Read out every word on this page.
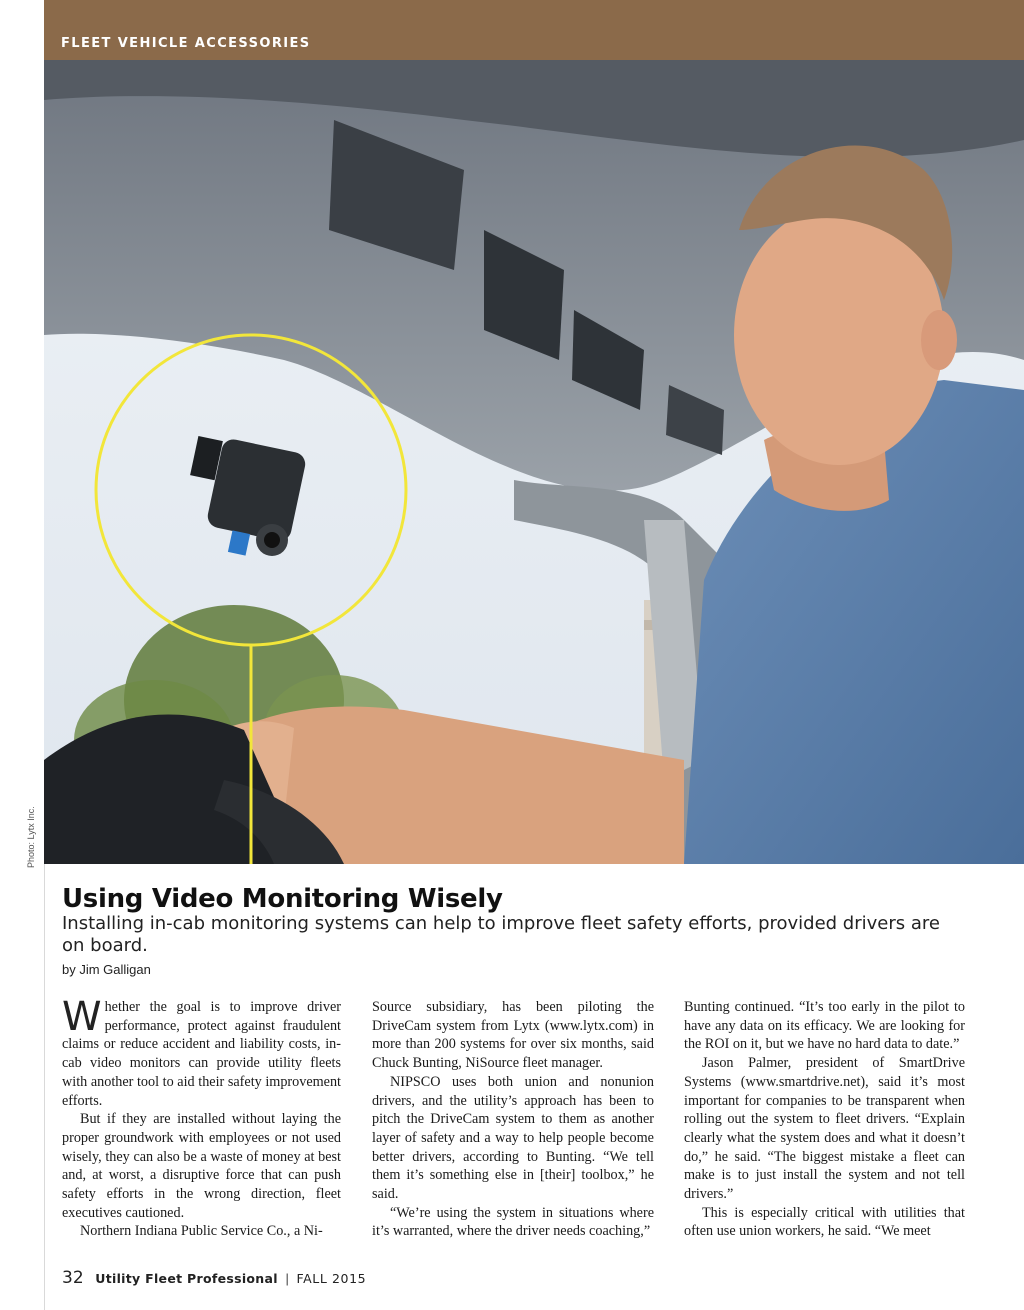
FLEET VEHICLE ACCESSORIES
Photo: Lytx Inc.
Using Video Monitoring Wisely
Installing in-cab monitoring systems can help to improve fleet safety efforts, provided drivers are on board.
by Jim Galligan

Whether the goal is to improve driver performance, protect against fraudulent claims or reduce accident and liability costs, in-cab video monitors can provide utility fleets with another tool to aid their safety improvement efforts.

But if they are installed without laying the proper groundwork with employees or not used wisely, they can also be a waste of money at best and, at worst, a disruptive force that can push safety efforts in the wrong direction, fleet executives cautioned.

Northern Indiana Public Service Co., a Ni-

Source subsidiary, has been piloting the DriveCam system from Lytx (www.lytx.com) in more than 200 systems for over six months, said Chuck Bunting, NiSource fleet manager.

NIPSCO uses both union and nonunion drivers, and the utility’s approach has been to pitch the DriveCam system to them as another layer of safety and a way to help people become better drivers, according to Bunting. “We tell them it’s something else in [their] toolbox,” he said.

“We’re using the system in situations where it’s warranted, where the driver needs coaching,”

Bunting continued. “It’s too early in the pilot to have any data on its efficacy. We are looking for the ROI on it, but we have no hard data to date.”

Jason Palmer, president of SmartDrive Systems (www.smartdrive.net), said it’s most important for companies to be transparent when rolling out the system to fleet drivers. “Explain clearly what the system does and what it doesn’t do,” he said. “The biggest mistake a fleet can make is to just install the system and not tell drivers.”

This is especially critical with utilities that often use union workers, he said. “We meet

32 Utility Fleet Professional | FALL 2015
